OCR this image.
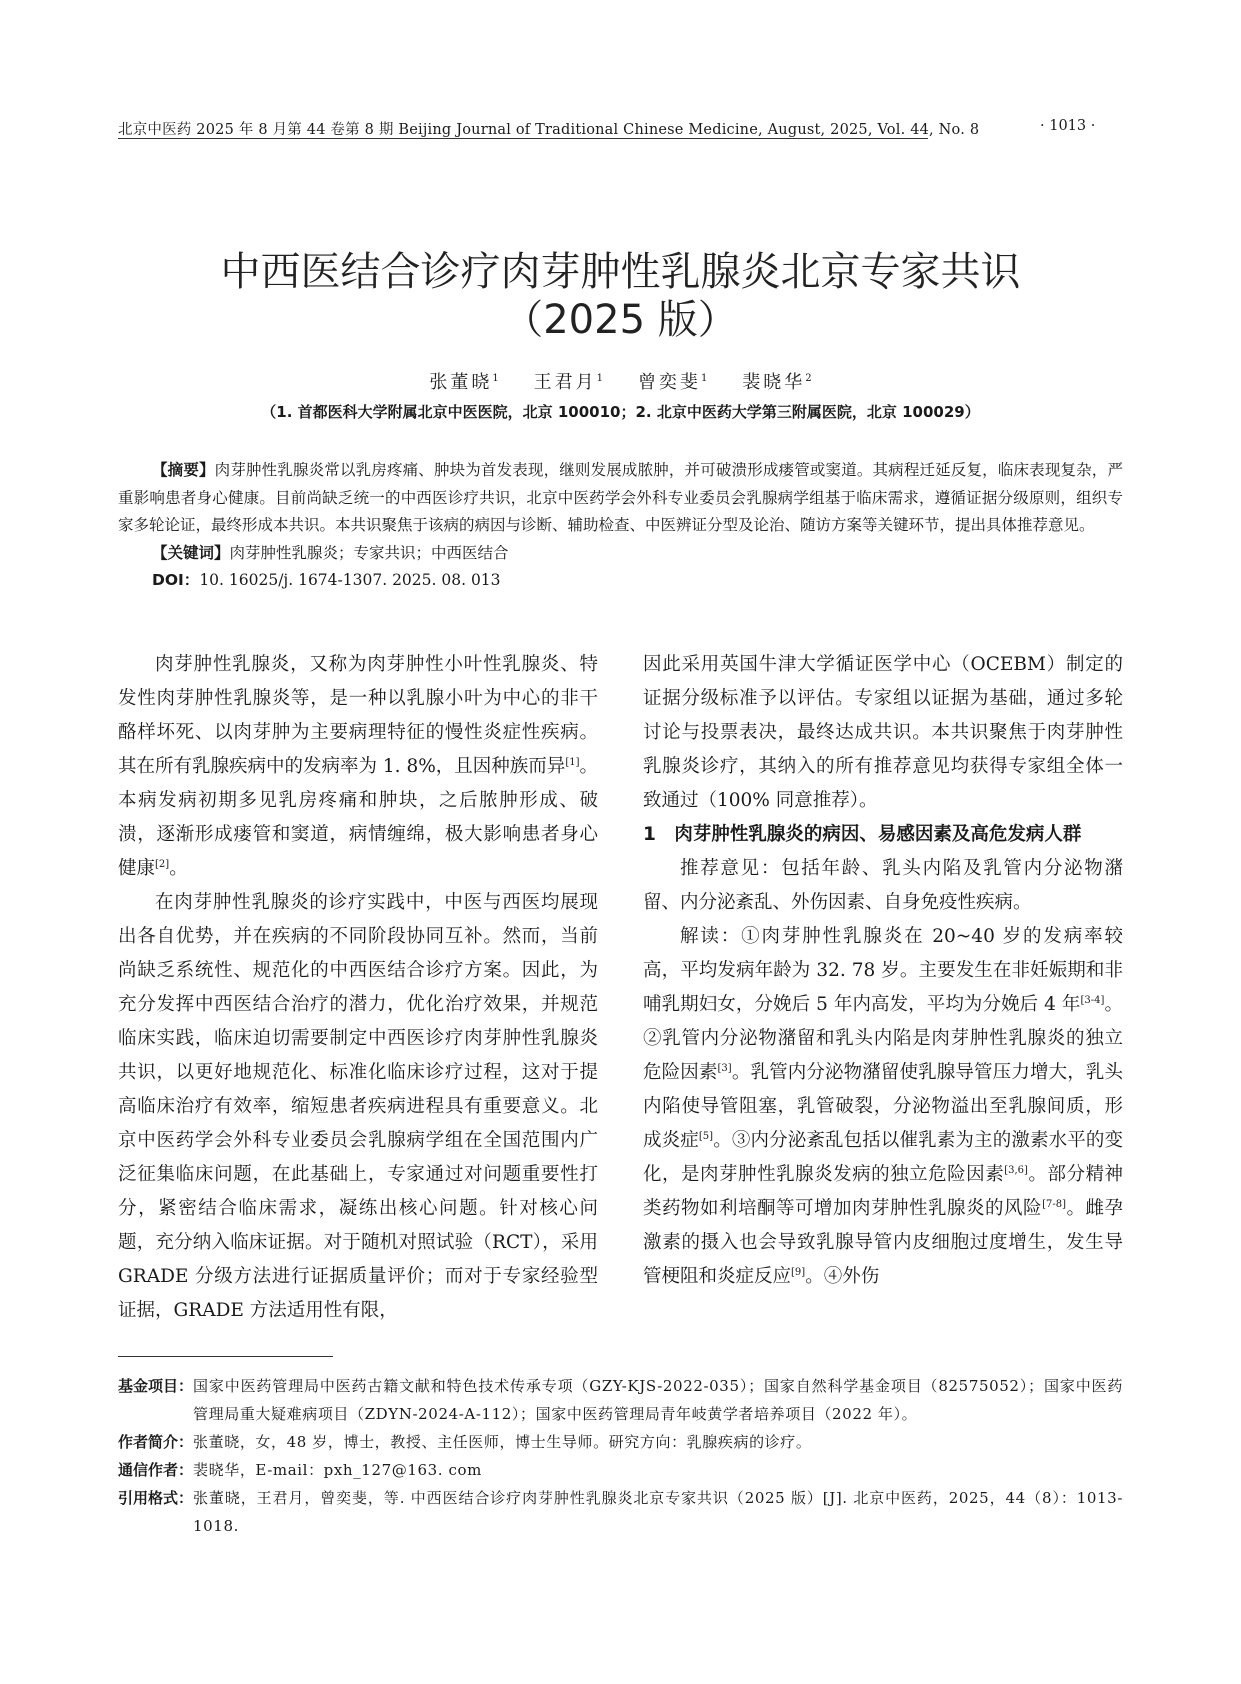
北京中医药 2025 年 8 月第 44 卷第 8 期 Beijing Journal of Traditional Chinese Medicine, August, 2025, Vol. 44, No. 8	· 1013 ·
中西医结合诊疗肉芽肿性乳腺炎北京专家共识
（2025 版）
张董晓$^1$ 王君月$^1$ 曾奕斐$^1$ 裴晓华$^2$
（1. 首都医科大学附属北京中医医院，北京 100010；2. 北京中医药大学第三附属医院，北京 100029）

【摘要】肉芽肿性乳腺炎常以乳房疼痛、肿块为首发表现，继则发展成脓肿，并可破溃形成瘘管或窦道。其病程迁延反复，临床表现复杂，严重影响患者身心健康。目前尚缺乏统一的中西医诊疗共识，北京中医药学会外科专业委员会乳腺病学组基于临床需求，遵循证据分级原则，组织专家多轮论证，最终形成本共识。本共识聚焦于该病的病因与诊断、辅助检查、中医辨证分型及论治、随访方案等关键环节，提出具体推荐意见。

【关键词】肉芽肿性乳腺炎；专家共识；中西医结合

DOI：10. 16025/j. 1674-1307. 2025. 08. 013

肉芽肿性乳腺炎，又称为肉芽肿性小叶性乳腺炎、特发性肉芽肿性乳腺炎等，是一种以乳腺小叶为中心的非干酪样坏死、以肉芽肿为主要病理特征的慢性炎症性疾病。其在所有乳腺疾病中的发病率为 1. 8%，且因种族而异[1]。本病发病初期多见乳房疼痛和肿块，之后脓肿形成、破溃，逐渐形成瘘管和窦道，病情缠绵，极大影响患者身心健康[2]。

在肉芽肿性乳腺炎的诊疗实践中，中医与西医均展现出各自优势，并在疾病的不同阶段协同互补。然而，当前尚缺乏系统性、规范化的中西医结合诊疗方案。因此，为充分发挥中西医结合治疗的潜力，优化治疗效果，并规范临床实践，临床迫切需要制定中西医诊疗肉芽肿性乳腺炎共识，以更好地规范化、标准化临床诊疗过程，这对于提高临床治疗有效率，缩短患者疾病进程具有重要意义。北京中医药学会外科专业委员会乳腺病学组在全国范围内广泛征集临床问题，在此基础上，专家通过对问题重要性打分，紧密结合临床需求，凝练出核心问题。针对核心问题，充分纳入临床证据。对于随机对照试验（RCT），采用 GRADE 分级方法进行证据质量评价；而对于专家经验型证据，GRADE 方法适用性有限，

因此采用英国牛津大学循证医学中心（OCEBM）制定的证据分级标准予以评估。专家组以证据为基础，通过多轮讨论与投票表决，最终达成共识。本共识聚焦于肉芽肿性乳腺炎诊疗，其纳入的所有推荐意见均获得专家组全体一致通过（100% 同意推荐）。

1　肉芽肿性乳腺炎的病因、易感因素及高危发病人群

推荐意见：包括年龄、乳头内陷及乳管内分泌物潴留、内分泌紊乱、外伤因素、自身免疫性疾病。

解读：①肉芽肿性乳腺炎在 20~40 岁的发病率较高，平均发病年龄为 32. 78 岁。主要发生在非妊娠期和非哺乳期妇女，分娩后 5 年内高发，平均为分娩后 4 年[3-4]。②乳管内分泌物潴留和乳头内陷是肉芽肿性乳腺炎的独立危险因素[3]。乳管内分泌物潴留使乳腺导管压力增大，乳头内陷使导管阻塞，乳管破裂，分泌物溢出至乳腺间质，形成炎症[5]。③内分泌紊乱包括以催乳素为主的激素水平的变化，是肉芽肿性乳腺炎发病的独立危险因素[3,6]。部分精神类药物如利培酮等可增加肉芽肿性乳腺炎的风险[7-8]。雌孕激素的摄入也会导致乳腺导管内皮细胞过度增生，发生导管梗阻和炎症反应[9]。④外伤

基金项目： 国家中医药管理局中医药古籍文献和特色技术传承专项（GZY-KJS-2022-035）；国家自然科学基金项目（82575052）；国家中医药管理局重大疑难病项目（ZDYN-2024-A-112）；国家中医药管理局青年岐黄学者培养项目（2022 年）。
作者简介： 张董晓，女，48 岁，博士，教授、主任医师，博士生导师。研究方向：乳腺疾病的诊疗。
通信作者： 裴晓华，E-mail：pxh_127@163. com
引用格式： 张董晓，王君月，曾奕斐，等. 中西医结合诊疗肉芽肿性乳腺炎北京专家共识（2025 版）[J]. 北京中医药，2025，44（8）：1013-1018.
